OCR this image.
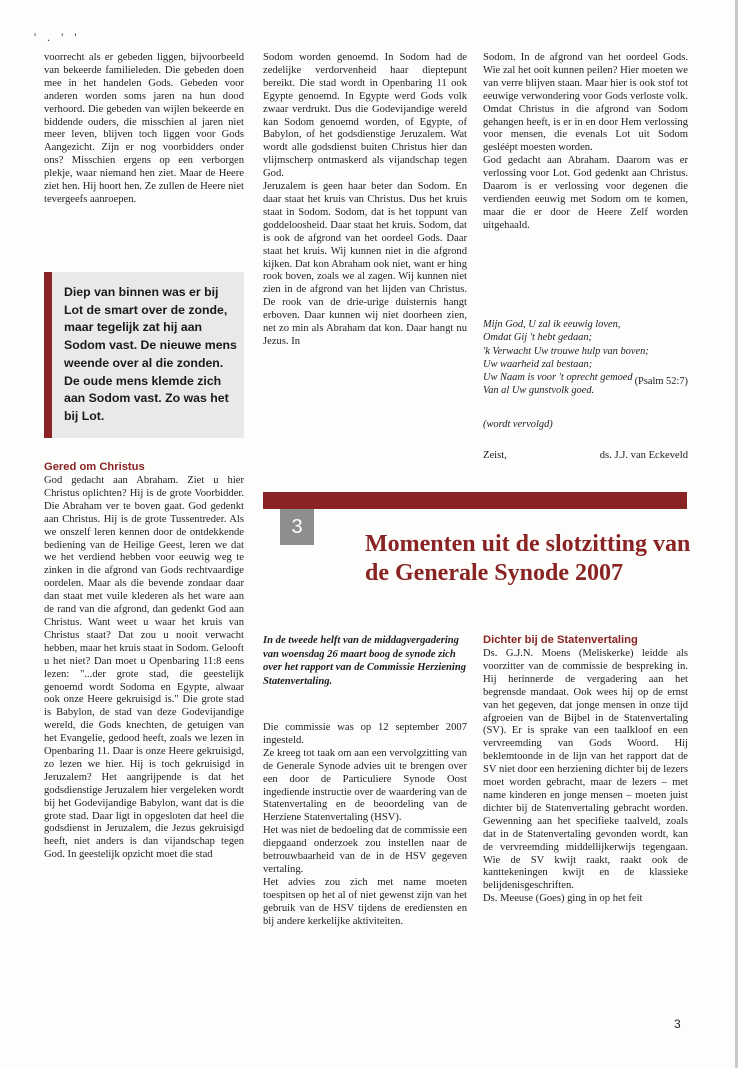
' . ' '

voorrecht als er gebeden liggen, bijvoorbeeld van bekeerde familieleden. Die gebeden doen mee in het handelen Gods. Gebeden voor anderen worden soms jaren na hun dood verhoord. Die gebeden van wijlen bekeerde en biddende ouders, die misschien al jaren niet meer leven, blijven toch liggen voor Gods Aangezicht. Zijn er nog voorbidders onder ons? Misschien ergens op een verborgen plekje, waar niemand hen ziet. Maar de Heere ziet hen. Hij hoort hen. Ze zullen de Heere niet tevergeefs aanroepen.

Diep van binnen was er bij Lot de smart over de zonde, maar tegelijk zat hij aan Sodom vast. De nieuwe mens weende over al die zonden. De oude mens klemde zich aan Sodom vast. Zo was het bij Lot.
Gered om Christus

God gedacht aan Abraham. Ziet u hier Christus oplichten? Hij is de grote Voorbidder. Die Abraham ver te boven gaat. God gedenkt aan Christus. Hij is de grote Tussentreder. Als we onszelf leren kennen door de ontdekkende bediening van de Heilige Geest, leren we dat we het verdiend hebben voor eeuwig weg te zinken in die afgrond van Gods rechtvaardige oordelen. Maar als die bevende zondaar daar dan staat met vuile klederen als het ware aan de rand van die afgrond, dan gedenkt God aan Christus. Want weet u waar het kruis van Christus staat? Dat zou u nooit verwacht hebben, maar het kruis staat in Sodom. Gelooft u het niet? Dan moet u Openbaring 11:8 eens lezen: "...der grote stad, die geestelijk genoemd wordt Sodoma en Egypte, alwaar ook onze Heere gekruisigd is." Die grote stad is Babylon, de stad van deze Godevijandige wereld, die Gods knechten, de getuigen van het Evangelie, gedood heeft, zoals we lezen in Openbaring 11. Daar is onze Heere gekruisigd, zo lezen we hier. Hij is toch gekruisigd in Jeruzalem? Het aangrijpende is dat het godsdienstige Jeruzalem hier vergeleken wordt bij het Godevijandige Babylon, want dat is die grote stad. Daar ligt in opgesloten dat heel die godsdienst in Jeruzalem, die Jezus gekruisigd heeft, niet anders is dan vijandschap tegen God. In geestelijk opzicht moet die stad

Sodom worden genoemd. In Sodom had de zedelijke verdorvenheid haar dieptepunt bereikt. Die stad wordt in Openbaring 11 ook Egypte genoemd. In Egypte werd Gods volk zwaar verdrukt. Dus die Godevijandige wereld kan Sodom genoemd worden, of Egypte, of Babylon, of het godsdienstige Jeruzalem. Wat wordt alle godsdienst buiten Christus hier dan vlijmscherp ontmaskerd als vijandschap tegen God.

Jeruzalem is geen haar beter dan Sodom. En daar staat het kruis van Christus. Dus het kruis staat in Sodom. Sodom, dat is het toppunt van goddeloosheid. Daar staat het kruis. Sodom, dat is ook de afgrond van het oordeel Gods. Daar staat het kruis. Wij kunnen niet in die afgrond kijken. Dat kon Abraham ook niet, want er hing rook boven, zoals we al zagen. Wij kunnen niet zien in de afgrond van het lijden van Christus. De rook van de drie-urige duisternis hangt erboven. Daar kunnen wij niet doorheen zien, net zo min als Abraham dat kon. Daar hangt nu Jezus. In

Sodom. In de afgrond van het oordeel Gods. Wie zal het ooit kunnen peilen? Hier moeten we van verre blijven staan. Maar hier is ook stof tot eeuwige verwondering voor Gods verloste volk. Omdat Christus in die afgrond van Sodom gehangen heeft, is er in en door Hem verlossing voor mensen, die evenals Lot uit Sodom gesléépt moesten worden.

God gedacht aan Abraham. Daarom was er verlossing voor Lot. God gedenkt aan Christus. Daarom is er verlossing voor degenen die verdienden eeuwig met Sodom om te komen, maar die er door de Heere Zelf worden uitgehaald.

Mijn God, U zal ik eeuwig loven,
Omdat Gij 't hebt gedaan;
'k Verwacht Uw trouwe hulp van boven;
Uw waarheid zal bestaan;
Uw Naam is voor 't oprecht gemoed
Van al Uw gunstvolk goed.
(Psalm 52:7)
(wordt vervolgd)
Zeist,	ds. J.J. van Eckeveld
3
Momenten uit de slotzitting van de Generale Synode 2007
In de tweede helft van de middagvergadering van woensdag 26 maart boog de synode zich over het rapport van de Commissie Herziening Statenvertaling.

Die commissie was op 12 september 2007 ingesteld.

Ze kreeg tot taak om aan een vervolgzitting van de Generale Synode advies uit te brengen over een door de Particuliere Synode Oost ingediende instructie over de waardering van de Statenvertaling en de beoordeling van de Herziene Statenvertaling (HSV).

Het was niet de bedoeling dat de commissie een diepgaand onderzoek zou instellen naar de betrouwbaarheid van de in de HSV gegeven vertaling.

Het advies zou zich met name moeten toespitsen op het al of niet gewenst zijn van het gebruik van de HSV tijdens de erediensten en bij andere kerkelijke aktiviteiten.

Dichter bij de Statenvertaling

Ds. G.J.N. Moens (Meliskerke) leidde als voorzitter van de commissie de bespreking in. Hij herinnerde de vergadering aan het begrensde mandaat. Ook wees hij op de ernst van het gegeven, dat jonge mensen in onze tijd afgroeien van de Bijbel in de Statenvertaling (SV). Er is sprake van een taalkloof en een vervreemding van Gods Woord. Hij beklemtoonde in de lijn van het rapport dat de SV niet door een herziening dichter bij de lezers moet worden gebracht, maar de lezers – met name kinderen en jonge mensen – moeten juist dichter bij de Statenvertaling gebracht worden. Gewenning aan het specifieke taalveld, zoals dat in de Statenvertaling gevonden wordt, kan de vervreemding middellijkerwijs tegengaan. Wie de SV kwijt raakt, raakt ook de kanttekeningen kwijt en de klassieke belijdenisgeschriften.

Ds. Meeuse (Goes) ging in op het feit

3
